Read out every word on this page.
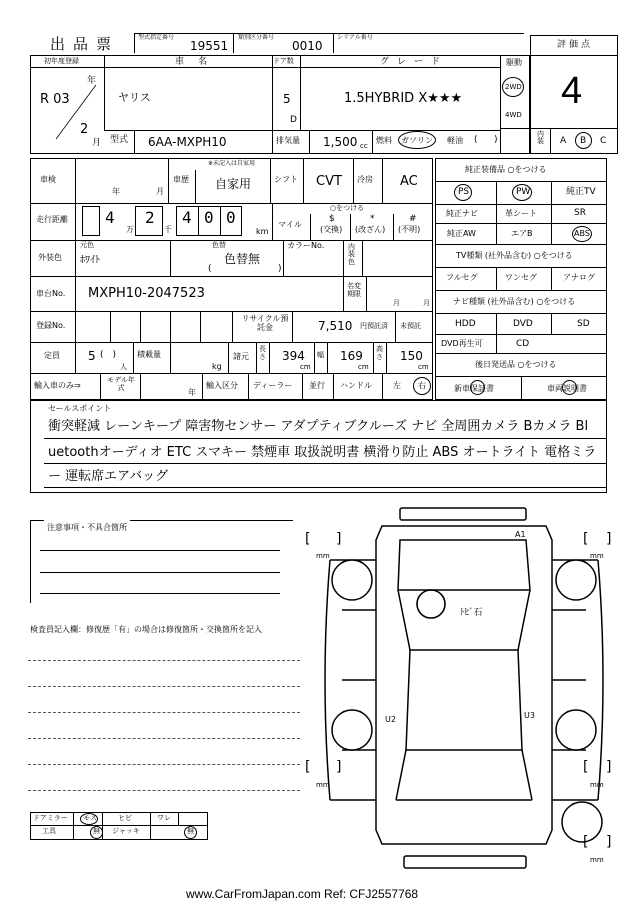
出品票	型式指定番号
19551
類別区分番号
0010
シリアル番号
評価点
4
内装	A B C
初年度登録
年
R 03
2
月
車名
ヤリス
ドア数
5
D
グレード
1.5HYBRID X★★★
駆動
2WD
4WD
型式 6AA-MXPH10	排気量 1,500 cc
燃料 ガソリン 軽油 ( )
車検
年	月
車歴
※未記入は自家用
自家用	シフト CVT 冷房 AC
走行距離 4
万
2
千
4 0 0
km
マイル
○をつける
$
(交換)
*
(改ざん)
#
(不明)
外装色
元色
ﾎﾜｲﾄ
色替
色替無
(	)
カラーNo.	内装色
車台No. MXPH10-2047523	名変期限
月	月
登録No.
リサイクル預託金	7,510 円預託済 未預託
定員 5 (　)
人
積載量
kg
諸元
長さ 394
cm
幅 169
cm
高さ 150
cm
輸入車のみ⇒
モデル年式	年
輸入区分 ディーラー 並行 ハンドル	左 右
純正装備品 ○をつける
PS	PW	純正TV
純正ナビ	革シート	SR
純正AW	エアB	ABS
TV種類 (社外品含む) ○をつける
フルセグ	ワンセグ	アナログ
ナビ種類 (社外品含む) ○をつける
HDD	DVD	SD
DVD再生可	CD
後日発送品 ○をつける
新車保証書	車両説明書
セールスポイント
衝突軽減 レーンキープ 障害物センサー アダプティブクルーズ ナビ 全周囲カメラ Bカメラ Bl
uetoothオーディオ ETC スマキー 禁煙車 取扱説明書 横滑り防止 ABS オートライト 電格ミラ
ー 運転席エアバッグ
注意事項・不具合箇所
検査員記入欄：修復歴「有」の場合は修復箇所・交換箇所を記入
ドアミラー モス	ヒビ	ワレ
工具	無 ジャッキ	無
A1
ﾄﾋﾞ石
U2	U3
[ ]
mm
[ ]
mm
[ ]
mm
[ ]
mm
[ ]
mm
www.CarFromJapan.com Ref: CFJ2557768
